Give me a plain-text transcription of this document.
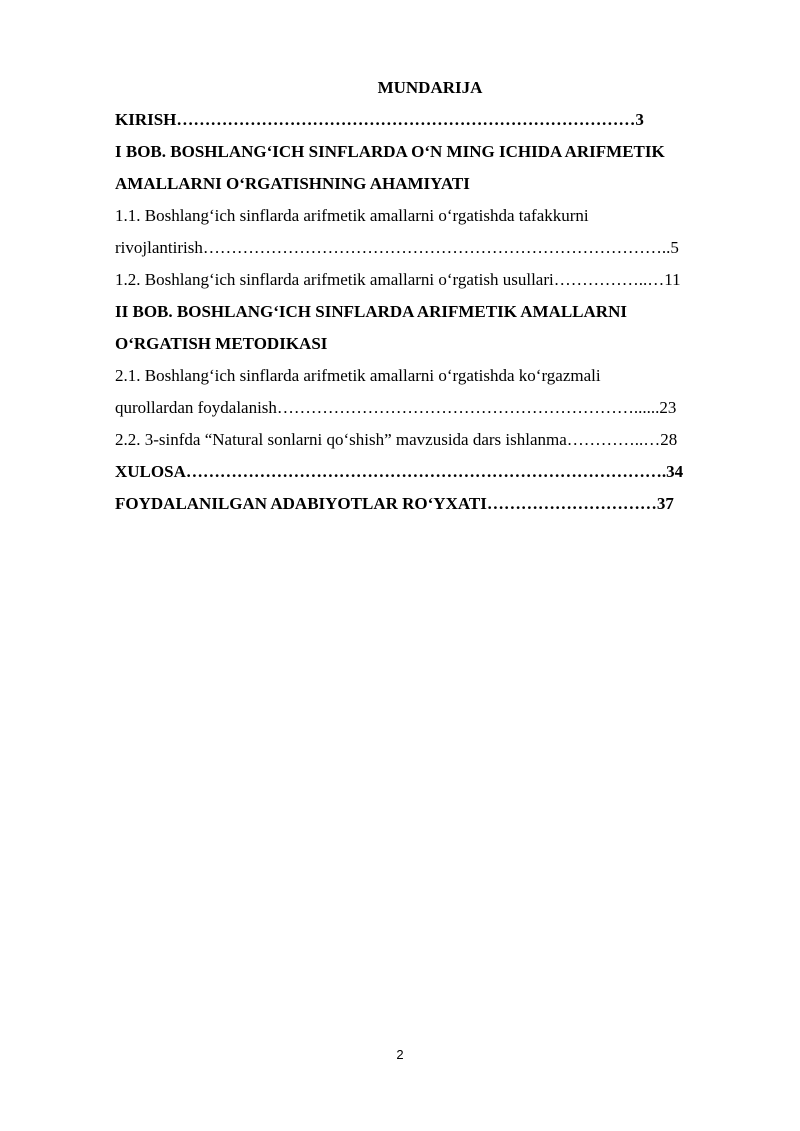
MUNDARIJA
KIRISH………………………………………………………………………3
I BOB. BOSHLANG‘ICH SINFLARDA O‘N MING ICHIDA ARIFMETIK
AMALLARNI O‘RGATISHNING AHAMIYATI
1.1. Boshlang‘ich sinflarda arifmetik amallarni o‘rgatishda tafakkurni
rivojlantirish………………………………………………………………………..5
1.2. Boshlang‘ich sinflarda arifmetik amallarni o‘rgatish usullari……………..…11
II BOB. BOSHLANG‘ICH SINFLARDA ARIFMETIK AMALLARNI
O‘RGATISH METODIKASI
2.1. Boshlang‘ich sinflarda arifmetik amallarni o‘rgatishda ko‘rgazmali
qurollardan foydalanish………………………………………………………......23
2.2. 3-sinfda “Natural sonlarni qo‘shish” mavzusida dars ishlanma…………..…28
XULOSA………………………………………………………………………….34
FOYDALANILGAN ADABIYOTLAR RO‘YXATI…………………………37
2
